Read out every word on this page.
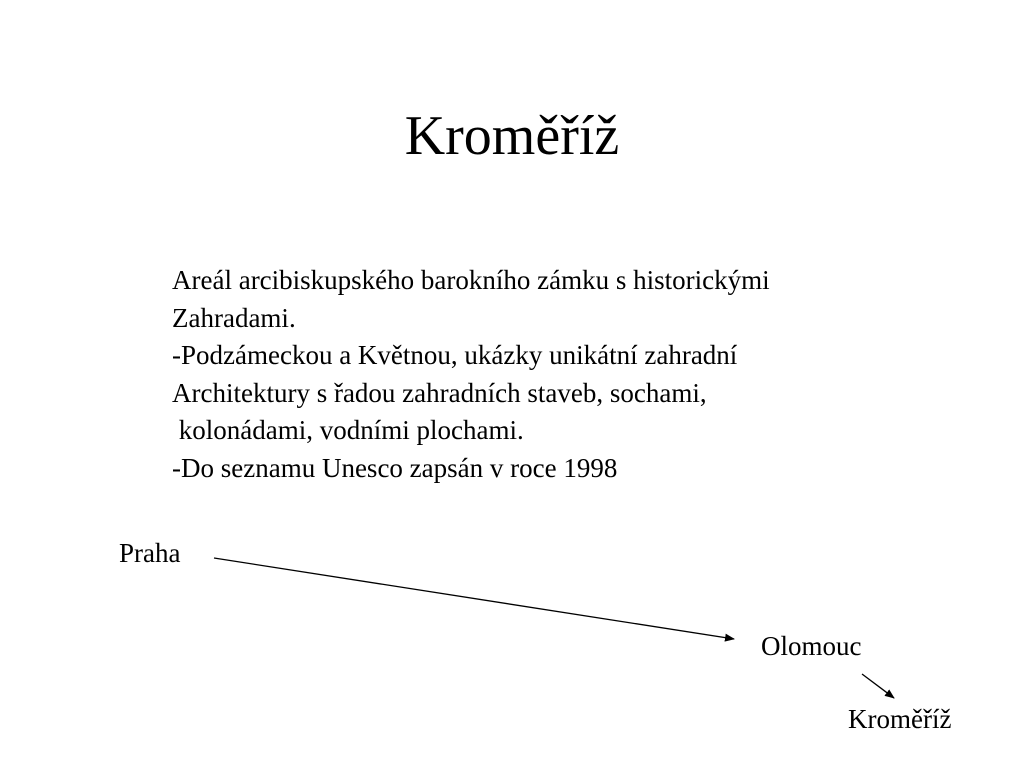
Kroměříž
Areál arcibiskupského barokního zámku s historickými
Zahradami.
-Podzámeckou a Květnou, ukázky unikátní zahradní
Architektury s řadou zahradních staveb, sochami,
kolonádami, vodními plochami.
-Do seznamu Unesco zapsán v roce 1998
Praha
Olomouc
Kroměříž
